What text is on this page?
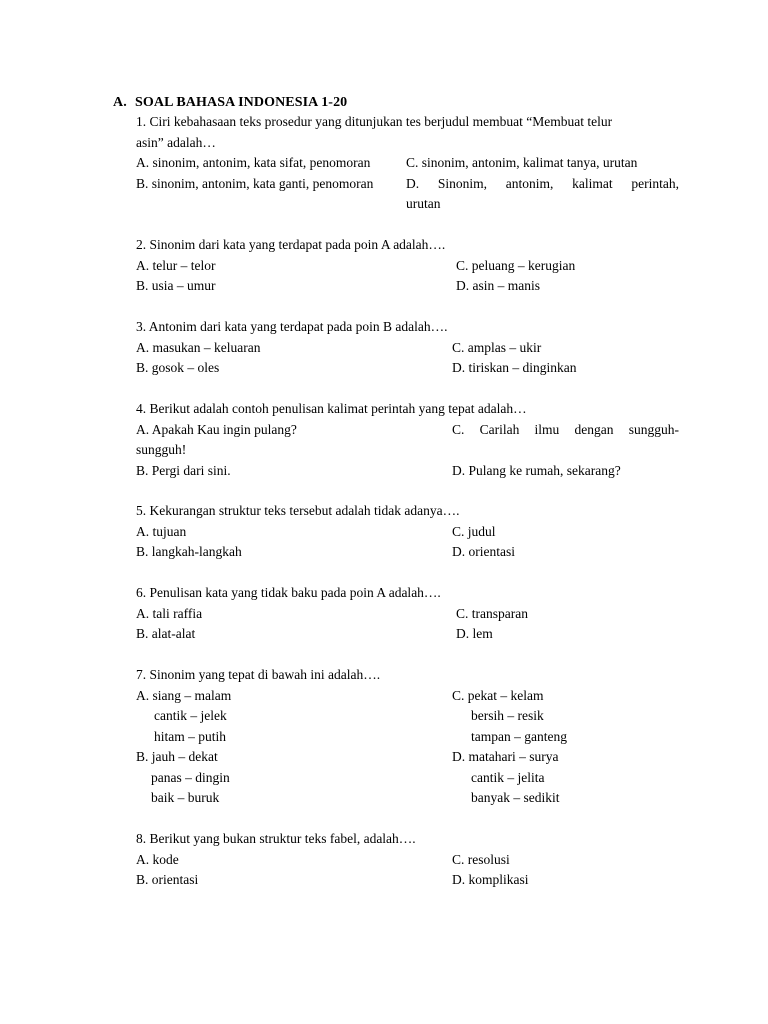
A. SOAL BAHASA INDONESIA 1-20
1. Ciri kebahasaan teks prosedur yang ditunjukan tes berjudul membuat “Membuat telur
asin” adalah…
A. sinonim, antonim, kata sifat, penomoran	C. sinonim, antonim, kalimat tanya, urutan
B. sinonim, antonim, kata ganti, penomoran D. Sinonim, antonim, kalimat perintah,
urutan
2. Sinonim dari kata yang terdapat pada poin A adalah….
A. telur – telor	C. peluang – kerugian
B. usia – umur	D. asin – manis
3. Antonim dari kata yang terdapat pada poin B adalah….
A. masukan – keluaran	C. amplas – ukir
B. gosok – oles	D. tiriskan – dinginkan
4. Berikut adalah contoh penulisan kalimat perintah yang tepat adalah…
A. Apakah Kau ingin pulang?	C. Carilah ilmu dengan sungguh-
sungguh!
B. Pergi dari sini.	D. Pulang ke rumah, sekarang?
5. Kekurangan struktur teks tersebut adalah tidak adanya….
A. tujuan	C. judul
B. langkah-langkah	D. orientasi
6. Penulisan kata yang tidak baku pada poin A adalah….
A. tali raffia	C. transparan
B. alat-alat	D. lem
7. Sinonim yang tepat di bawah ini adalah….
A. siang – malam	C. pekat – kelam
cantik – jelek	bersih – resik
hitam – putih	tampan – ganteng
B. jauh – dekat	D. matahari – surya
panas – dingin	cantik – jelita
baik – buruk	banyak – sedikit
8. Berikut yang bukan struktur teks fabel, adalah….
A. kode	C. resolusi
B. orientasi	D. komplikasi
